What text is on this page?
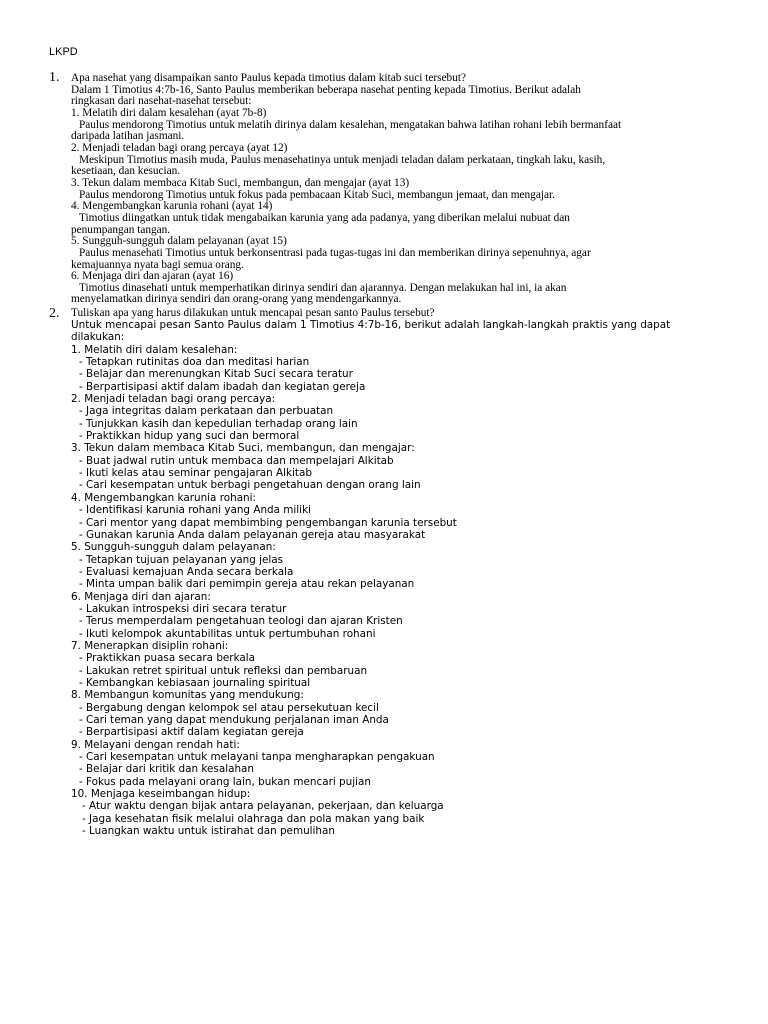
LKPD
1. Apa nasehat yang disampaikan santo Paulus kepada timotius dalam kitab suci tersebut?
Dalam 1 Timotius 4:7b-16, Santo Paulus memberikan beberapa nasehat penting kepada Timotius. Berikut adalah
ringkasan dari nasehat-nasehat tersebut:
1. Melatih diri dalam kesalehan (ayat 7b-8)
Paulus mendorong Timotius untuk melatih dirinya dalam kesalehan, mengatakan bahwa latihan rohani lebih bermanfaat
daripada latihan jasmani.
2. Menjadi teladan bagi orang percaya (ayat 12)
Meskipun Timotius masih muda, Paulus menasehatinya untuk menjadi teladan dalam perkataan, tingkah laku, kasih,
kesetiaan, dan kesucian.
3. Tekun dalam membaca Kitab Suci, membangun, dan mengajar (ayat 13)
Paulus mendorong Timotius untuk fokus pada pembacaan Kitab Suci, membangun jemaat, dan mengajar.
4. Mengembangkan karunia rohani (ayat 14)
Timotius diingatkan untuk tidak mengabaikan karunia yang ada padanya, yang diberikan melalui nubuat dan
penumpangan tangan.
5. Sungguh-sungguh dalam pelayanan (ayat 15)
Paulus menasehati Timotius untuk berkonsentrasi pada tugas-tugas ini dan memberikan dirinya sepenuhnya, agar
kemajuannya nyata bagi semua orang.
6. Menjaga diri dan ajaran (ayat 16)
Timotius dinasehati untuk memperhatikan dirinya sendiri dan ajarannya. Dengan melakukan hal ini, ia akan
menyelamatkan dirinya sendiri dan orang-orang yang mendengarkannya.
2. Tuliskan apa yang harus dilakukan untuk mencapai pesan santo Paulus tersebut?
Untuk mencapai pesan Santo Paulus dalam 1 Timotius 4:7b-16, berikut adalah langkah-langkah praktis yang dapat
dilakukan:
1. Melatih diri dalam kesalehan:
- Tetapkan rutinitas doa dan meditasi harian
- Belajar dan merenungkan Kitab Suci secara teratur
- Berpartisipasi aktif dalam ibadah dan kegiatan gereja
2. Menjadi teladan bagi orang percaya:
- Jaga integritas dalam perkataan dan perbuatan
- Tunjukkan kasih dan kepedulian terhadap orang lain
- Praktikkan hidup yang suci dan bermoral
3. Tekun dalam membaca Kitab Suci, membangun, dan mengajar:
- Buat jadwal rutin untuk membaca dan mempelajari Alkitab
- Ikuti kelas atau seminar pengajaran Alkitab
- Cari kesempatan untuk berbagi pengetahuan dengan orang lain
4. Mengembangkan karunia rohani:
- Identifikasi karunia rohani yang Anda miliki
- Cari mentor yang dapat membimbing pengembangan karunia tersebut
- Gunakan karunia Anda dalam pelayanan gereja atau masyarakat
5. Sungguh-sungguh dalam pelayanan:
- Tetapkan tujuan pelayanan yang jelas
- Evaluasi kemajuan Anda secara berkala
- Minta umpan balik dari pemimpin gereja atau rekan pelayanan
6. Menjaga diri dan ajaran:
- Lakukan introspeksi diri secara teratur
- Terus memperdalam pengetahuan teologi dan ajaran Kristen
- Ikuti kelompok akuntabilitas untuk pertumbuhan rohani
7. Menerapkan disiplin rohani:
- Praktikkan puasa secara berkala
- Lakukan retret spiritual untuk refleksi dan pembaruan
- Kembangkan kebiasaan journaling spiritual
8. Membangun komunitas yang mendukung:
- Bergabung dengan kelompok sel atau persekutuan kecil
- Cari teman yang dapat mendukung perjalanan iman Anda
- Berpartisipasi aktif dalam kegiatan gereja
9. Melayani dengan rendah hati:
- Cari kesempatan untuk melayani tanpa mengharapkan pengakuan
- Belajar dari kritik dan kesalahan
- Fokus pada melayani orang lain, bukan mencari pujian
10. Menjaga keseimbangan hidup:
- Atur waktu dengan bijak antara pelayanan, pekerjaan, dan keluarga
- Jaga kesehatan fisik melalui olahraga dan pola makan yang baik
- Luangkan waktu untuk istirahat dan pemulihan
